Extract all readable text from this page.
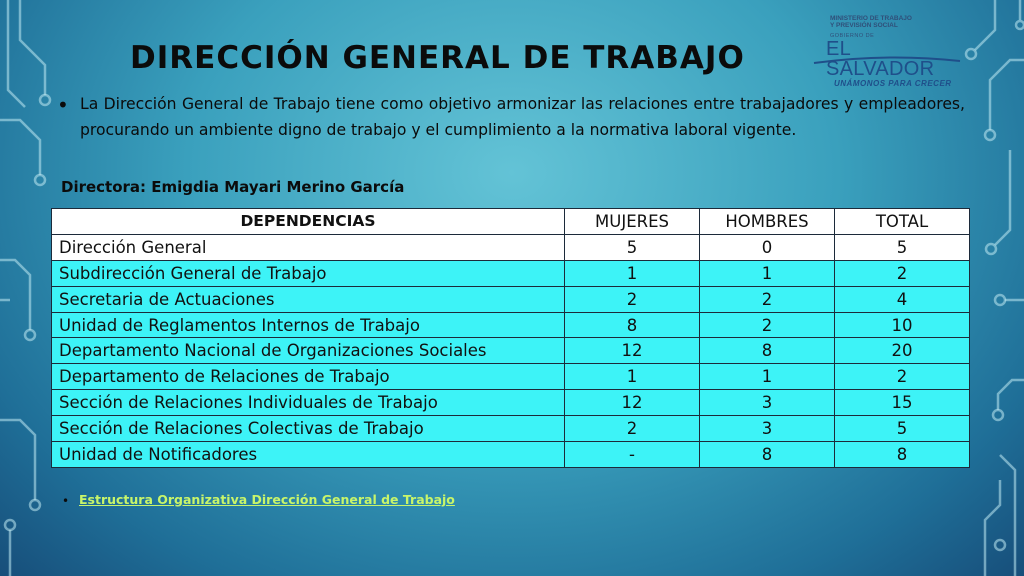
DIRECCIÓN GENERAL DE TRABAJO
MINISTERIO DE TRABAJO
Y PREVISIÓN SOCIAL
GOBIERNO DE
EL SALVADOR
UNÁMONOS PARA CRECER
• La Dirección General de Trabajo tiene como objetivo armonizar las relaciones entre trabajadores y empleadores, procurando un ambiente digno de trabajo y el cumplimiento a la normativa laboral vigente.

Directora: Emigdia Mayari Merino García

DEPENDENCIAS	MUJERES	HOMBRES	TOTAL
Dirección General	5	0	5
Subdirección General de Trabajo	1	1	2
Secretaria de Actuaciones	2	2	4
Unidad de Reglamentos Internos de Trabajo	8	2	10
Departamento Nacional de Organizaciones Sociales	12	8	20
Departamento de Relaciones de Trabajo	1	1	2
Sección de Relaciones Individuales de Trabajo	12	3	15
Sección de Relaciones Colectivas de Trabajo	2	3	5
Unidad de Notificadores	-	8	8
• Estructura Organizativa Dirección General de Trabajo
